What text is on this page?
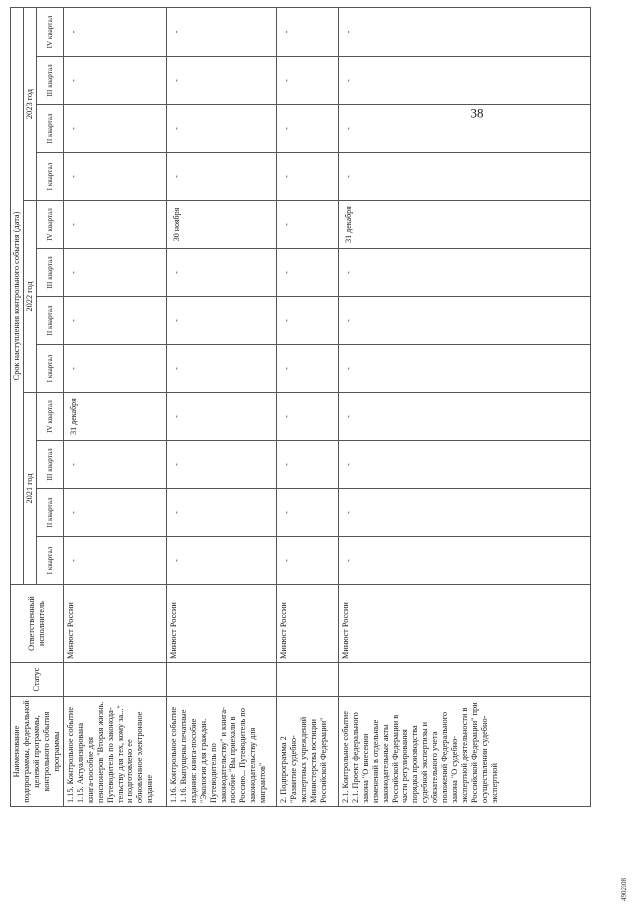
38
Наименование подпрограммы, федеральной целевой программы, контрольного события программы	Статус	Ответственный исполнитель	Срок наступления контрольного события (дата)											
			2021 год				2022 год				2023 год			
			I квартал	II квартал	III квартал	IV квартал	I квартал	II квартал	III квартал	IV квартал	I квартал	II квартал	III квартал	IV квартал
1.15. Контрольное событие 1.15. Актуализирована книга-пособие для пенсионеров "Вторая жизнь. Путеводитель по законода-тельству для тех, кому за..." и подготовлено ее обновленное электронное издание		Минюст России	-	-	-	31 декабря	-	-	-	-	-	-	-	-
1.16. Контрольное событие 1.16. Выпущены печатные издания: книга-пособие "Экология для граждан. Путеводитель по законодательству" и книга-пособие "Вы приехали в Россию... Путеводитель по законодательству для мигрантов"		Минюст России	-	-	-	-	-	-	-	30 ноября	-	-	-	-
2. Подпрограмма 2 "Развитие судебно-экспертных учреждений Министерства юстиции Российской Федерации"		Минюст России	-	-	-	-	-	-	-	-	-	-	-	-
2.1. Контрольное событие 2.1. Проект федерального закона "О внесении изменений в отдельные законодательные акты Российской Федерации в части регулирования порядка производства судебной экспертизы и обязательного учета положений Федерального закона "О судебно-экспертной деятельности в Российской Федерации" при осуществлении судебно-экспертной		Минюст России	-	-	-	-	-	-	-	31 декабря	-	-	-	-
4902i08
